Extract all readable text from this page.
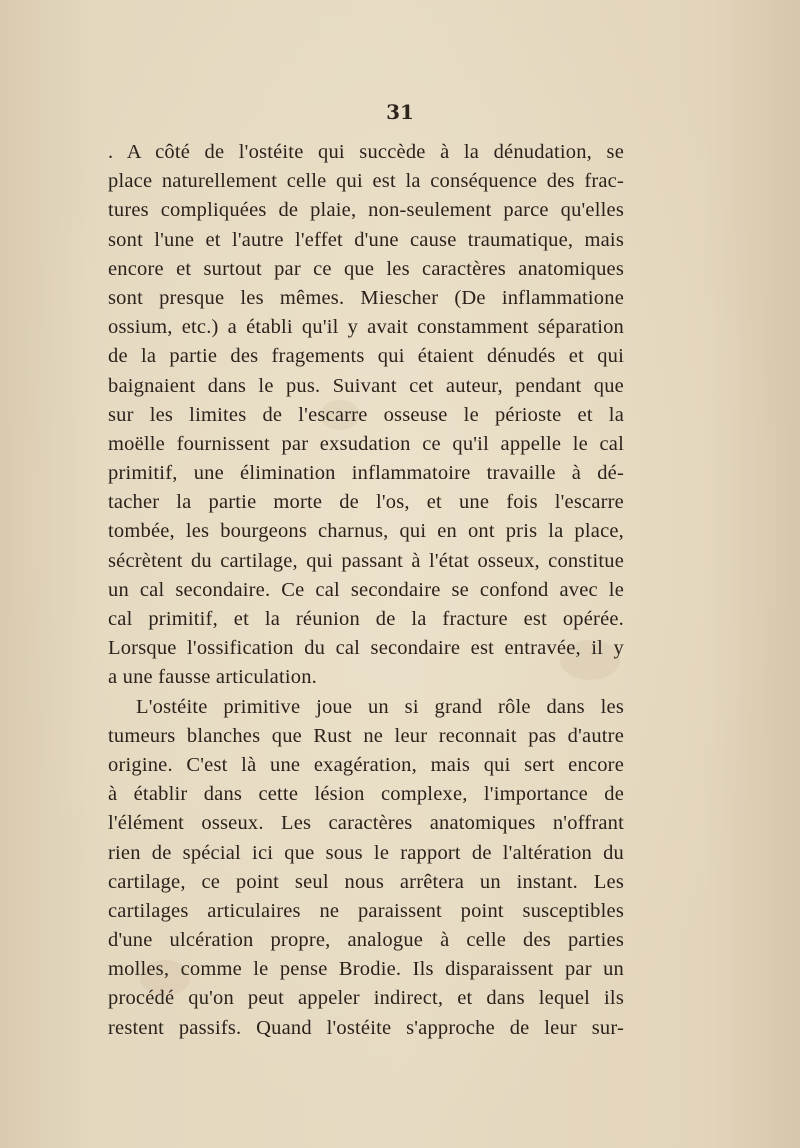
31
. A côté de l'ostéite qui succède à la dénudation, se
place naturellement celle qui est la conséquence des frac-
tures compliquées de plaie, non-seulement parce qu'elles
sont l'une et l'autre l'effet d'une cause traumatique, mais
encore et surtout par ce que les caractères anatomiques
sont presque les mêmes. Miescher (De inflammatione
ossium, etc.) a établi qu'il y avait constamment séparation
de la partie des fragements qui étaient dénudés et qui
baignaient dans le pus. Suivant cet auteur, pendant que
sur les limites de l'escarre osseuse le périoste et la
moëlle fournissent par exsudation ce qu'il appelle le cal
primitif, une élimination inflammatoire travaille à dé-
tacher la partie morte de l'os, et une fois l'escarre
tombée, les bourgeons charnus, qui en ont pris la place,
sécrètent du cartilage, qui passant à l'état osseux, constitue
un cal secondaire. Ce cal secondaire se confond avec le
cal primitif, et la réunion de la fracture est opérée.
Lorsque l'ossification du cal secondaire est entravée, il y
a une fausse articulation.
L'ostéite primitive joue un si grand rôle dans les
tumeurs blanches que Rust ne leur reconnait pas d'autre
origine. C'est là une exagération, mais qui sert encore
à établir dans cette lésion complexe, l'importance de
l'élément osseux. Les caractères anatomiques n'offrant
rien de spécial ici que sous le rapport de l'altération du
cartilage, ce point seul nous arrêtera un instant. Les
cartilages articulaires ne paraissent point susceptibles
d'une ulcération propre, analogue à celle des parties
molles, comme le pense Brodie. Ils disparaissent par un
procédé qu'on peut appeler indirect, et dans lequel ils
restent passifs. Quand l'ostéite s'approche de leur sur-
